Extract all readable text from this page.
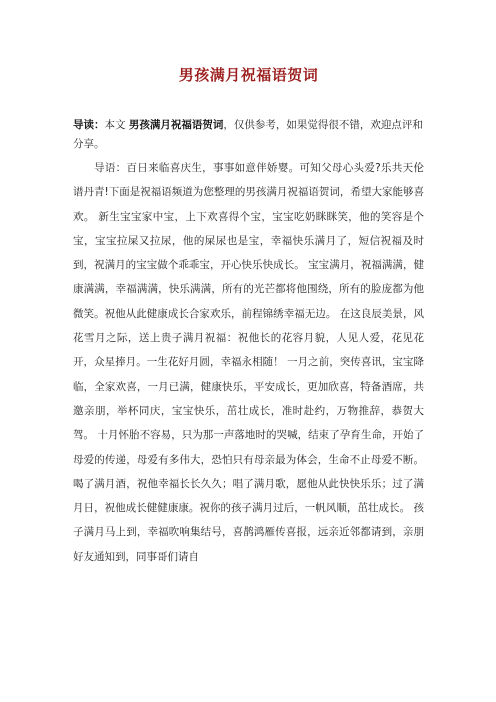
男孩满月祝福语贺词

导读：本文 男孩满月祝福语贺词，仅供参考，如果觉得很不错，欢迎点评和分享。

导语：百日来临喜庆生，事事如意伴娇婴。可知父母心头爱?乐共天伦谱丹青!下面是祝福语频道为您整理的男孩满月祝福语贺词，希望大家能够喜欢。 新生宝宝家中宝，上下欢喜得个宝，宝宝吃奶眯眯笑，他的笑容是个宝，宝宝拉屎又拉尿，他的屎尿也是宝，幸福快乐满月了，短信祝福及时到，祝满月的宝宝做个乖乖宝，开心快乐快成长。 宝宝满月，祝福满满，健康满满，幸福满满，快乐满满，所有的光芒都将他围绕，所有的脸庞都为他微笑。祝他从此健康成长合家欢乐，前程锦绣幸福无边。 在这良辰美景，风花雪月之际，送上贵子满月祝福：祝他长的花容月貌，人见人爱，花见花开，众星捧月。一生花好月圆，幸福永相随！ 一月之前，突传喜讯，宝宝降临，全家欢喜，一月已满，健康快乐，平安成长，更加欣喜，特备酒席，共邀亲朋，举杯同庆，宝宝快乐，茁壮成长，准时赴约，万物推辞，恭贺大驾。 十月怀胎不容易，只为那一声落地时的哭喊，结束了孕育生命，开始了母爱的传递，母爱有多伟大，恐怕只有母亲最为体会，生命不止母爱不断。 喝了满月酒，祝他幸福长长久久；唱了满月歌，愿他从此快快乐乐；过了满月日，祝他成长健健康康。祝你的孩子满月过后，一帆风顺，茁壮成长。 孩子满月马上到，幸福吹响集结号，喜鹊鸿雁传喜报，远亲近邻都请到，亲朋好友通知到，同事哥们请自
